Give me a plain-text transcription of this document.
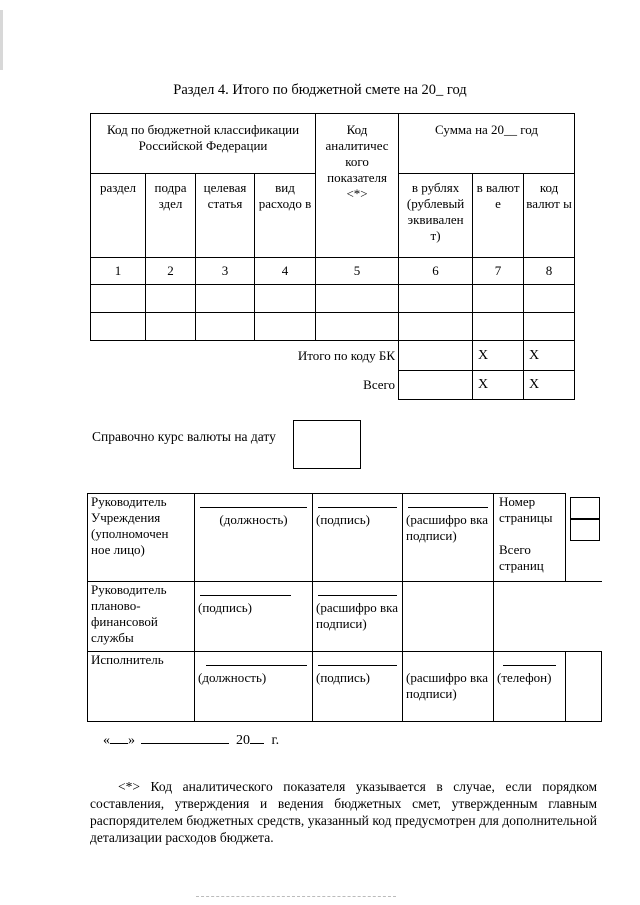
Раздел 4. Итого по бюджетной смете на 20_ год
Код по бюджетной классификации Российской Федерации				Код аналитичес кого показателя <*>	Сумма на 20__ год		
раздел	подра здел	целевая статья	вид расходо в		в рублях (рублевый эквивален т)	в валют е	код валют ы
1	2	3	4	5	6	7	8

Итого по коду БК						X	X
Всего						X	X
Справочно курс валюты на дату
Руководитель Учреждения (уполномочен ное лицо)	(должность)	(подпись)	(расшифро вка подписи)	Номер страницы
Всего страниц	

Руководитель планово-финансовой службы	(подпись)	(расшифро вка подписи)			

Исполнитель	(должность)	(подпись)	(расшифро вка подписи)	(телефон)	

« »	20 г.
<*> Код аналитического показателя указывается в случае, если порядком составления, утверждения и ведения бюджетных смет, утвержденным главным распорядителем бюджетных средств, указанный код предусмотрен для дополнительной детализации расходов бюджета.
